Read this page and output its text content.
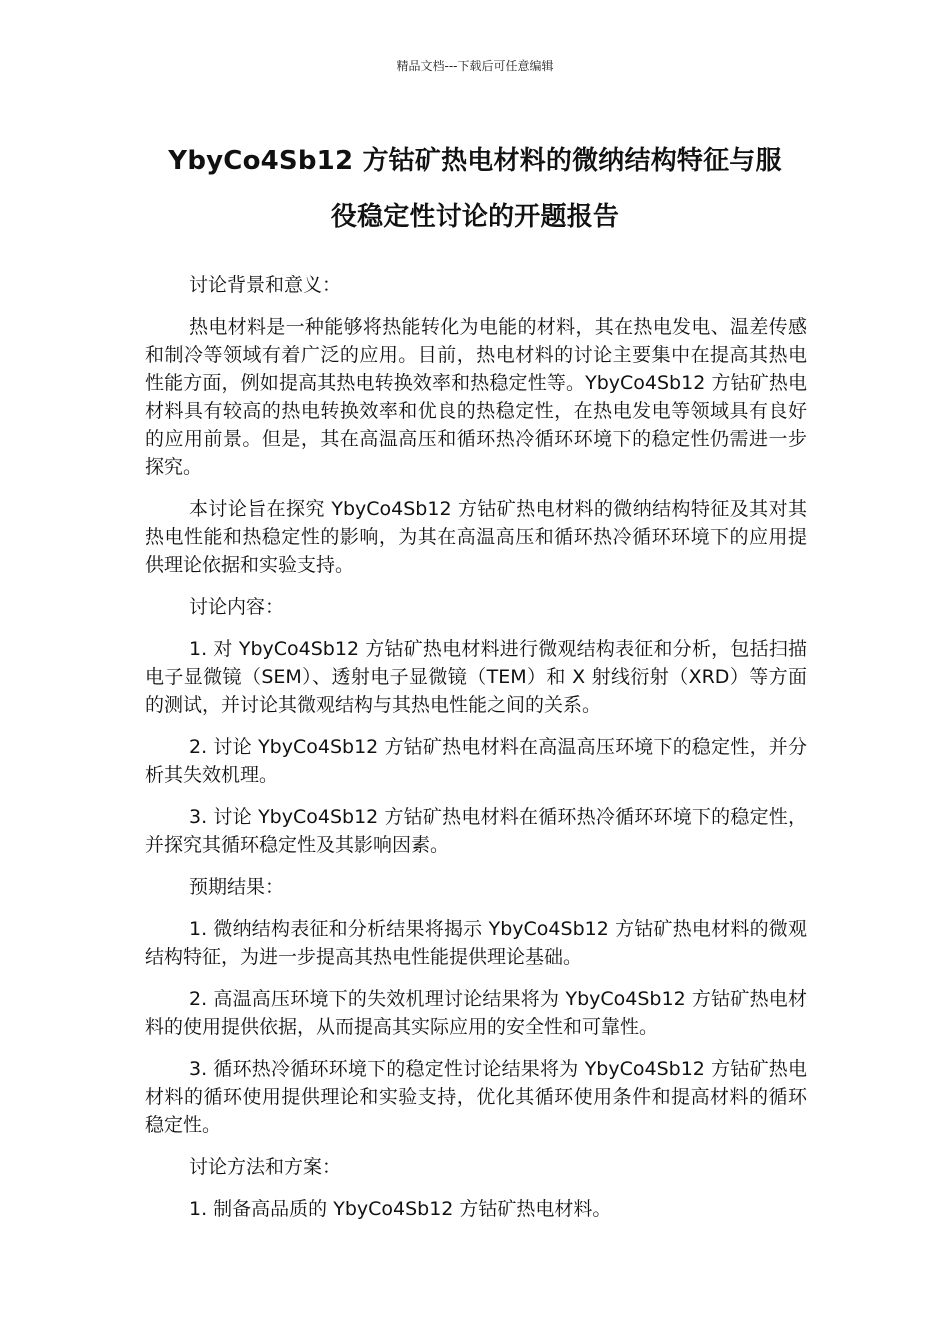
精品文档---下载后可任意编辑
YbyCo4Sb12 方钴矿热电材料的微纳结构特征与服
役稳定性讨论的开题报告

讨论背景和意义：

热电材料是一种能够将热能转化为电能的材料，其在热电发电、温差传感和制冷等领域有着广泛的应用。目前，热电材料的讨论主要集中在提高其热电性能方面，例如提高其热电转换效率和热稳定性等。YbyCo4Sb12 方钴矿热电材料具有较高的热电转换效率和优良的热稳定性，在热电发电等领域具有良好的应用前景。但是，其在高温高压和循环热冷循环环境下的稳定性仍需进一步探究。

本讨论旨在探究 YbyCo4Sb12 方钴矿热电材料的微纳结构特征及其对其热电性能和热稳定性的影响，为其在高温高压和循环热冷循环环境下的应用提供理论依据和实验支持。

讨论内容：

1. 对 YbyCo4Sb12 方钴矿热电材料进行微观结构表征和分析，包括扫描电子显微镜（SEM）、透射电子显微镜（TEM）和 X 射线衍射（XRD）等方面的测试，并讨论其微观结构与其热电性能之间的关系。

2. 讨论 YbyCo4Sb12 方钴矿热电材料在高温高压环境下的稳定性，并分析其失效机理。

3. 讨论 YbyCo4Sb12 方钴矿热电材料在循环热冷循环环境下的稳定性，并探究其循环稳定性及其影响因素。

预期结果：

1. 微纳结构表征和分析结果将揭示 YbyCo4Sb12 方钴矿热电材料的微观结构特征，为进一步提高其热电性能提供理论基础。

2. 高温高压环境下的失效机理讨论结果将为 YbyCo4Sb12 方钴矿热电材料的使用提供依据，从而提高其实际应用的安全性和可靠性。

3. 循环热冷循环环境下的稳定性讨论结果将为 YbyCo4Sb12 方钴矿热电材料的循环使用提供理论和实验支持，优化其循环使用条件和提高材料的循环稳定性。

讨论方法和方案：

1. 制备高品质的 YbyCo4Sb12 方钴矿热电材料。
